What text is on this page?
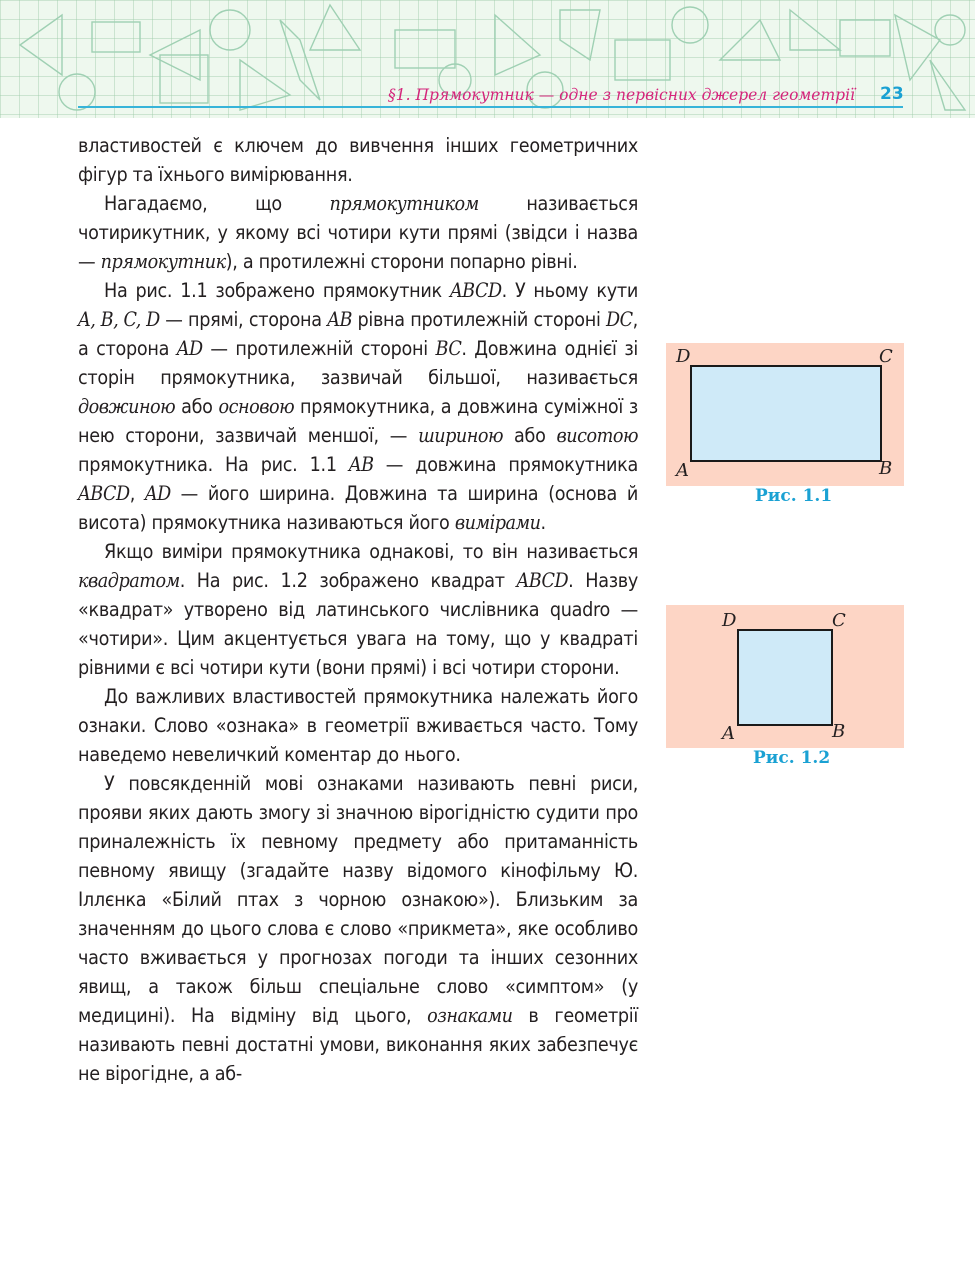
§1. Прямокутник — одне з первісних джерел геометрії 23

властивостей є ключем до вивчення інших геометричних фігур та їхнього вимірювання.

Нагадаємо, що прямокутником називається чотирикутник, у якому всі чотири кути прямі (звідси і назва — прямокутник), а протилежні сторони попарно рівні.

На рис. 1.1 зображено прямокутник ABCD. У ньому кути A, B, C, D — прямі, сторона AB рівна протилежній стороні DC, а сторона AD — протилежній стороні BC. Довжина однієї зі сторін прямокутника, зазвичай більшої, називається довжиною або основою прямокутника, а довжина суміжної з нею сторони, зазвичай меншої, — шириною або висотою прямокутника. На рис. 1.1 AB — довжина прямокутника ABCD, AD — його ширина. Довжина та ширина (основа й висота) прямокутника називаються його вимірами.

Якщо виміри прямокутника однакові, то він називається квадратом. На рис. 1.2 зображено квадрат ABCD. Назву «квадрат» утворено від латинського числівника quadro — «чотири». Цим акцентується увага на тому, що у квадраті рівними є всі чотири кути (вони прямі) і всі чотири сторони.

До важливих властивостей прямокутника належать його ознаки. Слово «ознака» в геометрії вживається часто. Тому наведемо невеличкий коментар до нього.

У повсякденній мові ознаками називають певні риси, прояви яких дають змогу зі значною вірогідністю судити про приналежність їх певному предмету або притаманність певному явищу (згадайте назву відомого кінофільму Ю. Іллєнка «Білий птах з чорною ознакою»). Близьким за значенням до цього слова є слово «прикмета», яке особливо часто вживається у прогнозах погоди та інших сезонних явищ, а також більш спеціальне слово «симптом» (у медицині). На відміну від цього, ознаками в геометрії називають певні достатні умови, виконання яких забезпечує не вірогідне, а аб-

D	C
A	B
Рис. 1.1
D	C
A	B
Рис. 1.2
